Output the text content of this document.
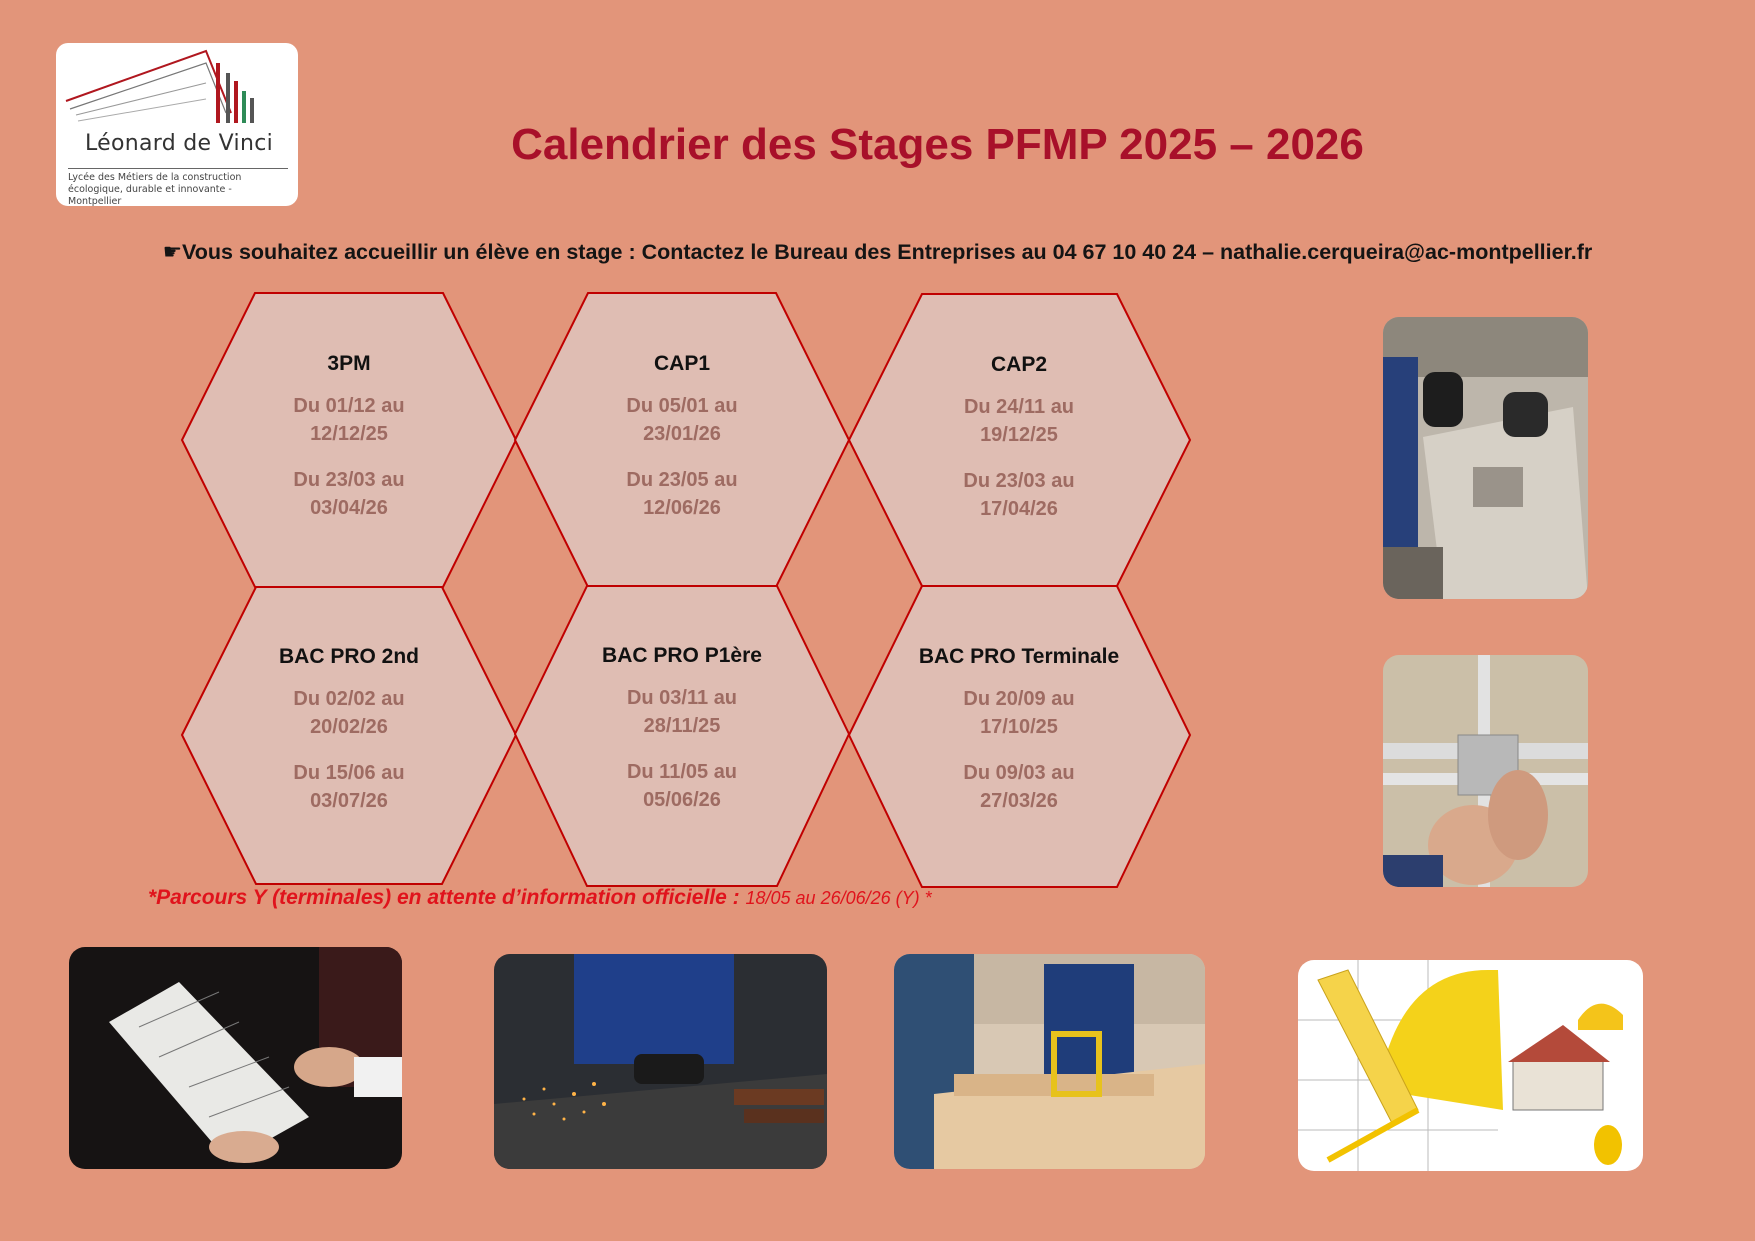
Léonard de Vinci
Lycée des Métiers de la construction écologique, durable et innovante - Montpellier
Calendrier des Stages PFMP 2025 – 2026
☛Vous souhaitez accueillir un élève en stage : Contactez le Bureau des Entreprises au 04 67 10 40 24 – nathalie.cerqueira@ac-montpellier.fr
3PM
Du 01/12 au
12/12/25
Du 23/03 au
03/04/26
CAP1
Du 05/01 au
23/01/26
Du 23/05 au
12/06/26
CAP2
Du 24/11 au
19/12/25
Du 23/03 au
17/04/26
BAC PRO 2nd
Du 02/02 au
20/02/26
Du 15/06 au
03/07/26
BAC PRO P1ère
Du 03/11 au
28/11/25
Du 11/05 au
05/06/26
BAC PRO Terminale
Du 20/09 au
17/10/25
Du 09/03 au
27/03/26
*Parcours Y (terminales) en attente d’information officielle : 18/05 au 26/06/26 (Y) *
